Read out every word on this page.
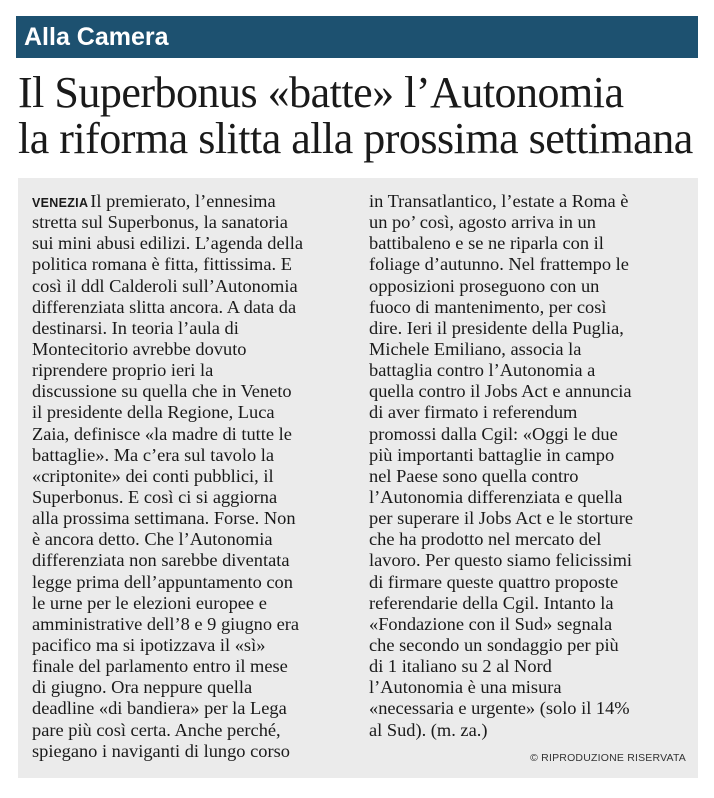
Alla Camera
Il Superbonus «batte» l’Autonomia
la riforma slitta alla prossima settimana
VENEZIA Il premierato, l’ennesima
stretta sul Superbonus, la sanatoria
sui mini abusi edilizi. L’agenda della
politica romana è fitta, fittissima. E
così il ddl Calderoli sull’Autonomia
differenziata slitta ancora. A data da
destinarsi. In teoria l’aula di
Montecitorio avrebbe dovuto
riprendere proprio ieri la
discussione su quella che in Veneto
il presidente della Regione, Luca
Zaia, definisce «la madre di tutte le
battaglie». Ma c’era sul tavolo la
«criptonite» dei conti pubblici, il
Superbonus. E così ci si aggiorna
alla prossima settimana. Forse. Non
è ancora detto. Che l’Autonomia
differenziata non sarebbe diventata
legge prima dell’appuntamento con
le urne per le elezioni europee e
amministrative dell’8 e 9 giugno era
pacifico ma si ipotizzava il «sì»
finale del parlamento entro il mese
di giugno. Ora neppure quella
deadline «di bandiera» per la Lega
pare più così certa. Anche perché,
spiegano i naviganti di lungo corso
in Transatlantico, l’estate a Roma è
un po’ così, agosto arriva in un
battibaleno e se ne riparla con il
foliage d’autunno. Nel frattempo le
opposizioni proseguono con un
fuoco di mantenimento, per così
dire. Ieri il presidente della Puglia,
Michele Emiliano, associa la
battaglia contro l’Autonomia a
quella contro il Jobs Act e annuncia
di aver firmato i referendum
promossi dalla Cgil: «Oggi le due
più importanti battaglie in campo
nel Paese sono quella contro
l’Autonomia differenziata e quella
per superare il Jobs Act e le storture
che ha prodotto nel mercato del
lavoro. Per questo siamo felicissimi
di firmare queste quattro proposte
referendarie della Cgil. Intanto la
«Fondazione con il Sud» segnala
che secondo un sondaggio per più
di 1 italiano su 2 al Nord
l’Autonomia è una misura
«necessaria e urgente» (solo il 14%
al Sud). (m. za.)
© RIPRODUZIONE RISERVATA
